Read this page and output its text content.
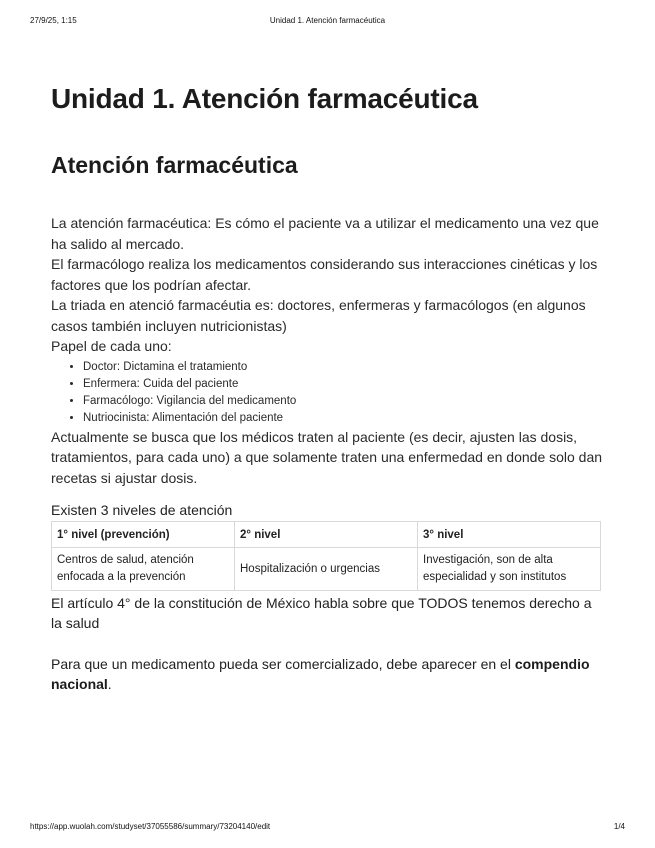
27/9/25, 1:15	Unidad 1. Atención farmacéutica
Unidad 1. Atención farmacéutica
Atención farmacéutica

La atención farmacéutica: Es cómo el paciente va a utilizar el medicamento una vez que ha salido al mercado.

El farmacólogo realiza los medicamentos considerando sus interacciones cinéticas y los factores que los podrían afectar.

La triada en atenció farmacéutia es: doctores, enfermeras y farmacólogos (en algunos casos también incluyen nutricionistas)

Papel de cada uno:

• Doctor: Dictamina el tratamiento
• Enfermera: Cuida del paciente
• Farmacólogo: Vigilancia del medicamento
• Nutriocinista: Alimentación del paciente

Actualmente se busca que los médicos traten al paciente (es decir, ajusten las dosis, tratamientos, para cada uno) a que solamente traten una enfermedad en donde solo dan recetas si ajustar dosis.

Existen 3 niveles de atención
1° nivel (prevención)	2° nivel	3° nivel
Centros de salud, atención enfocada a la prevención	Hospitalización o urgencias	Investigación, son de alta especialidad y son institutos

El artículo 4° de la constitución de México habla sobre que TODOS tenemos derecho a la salud

Para que un medicamento pueda ser comercializado, debe aparecer en el compendio nacional.

https://app.wuolah.com/studyset/37055586/summary/73204140/edit	1/4
